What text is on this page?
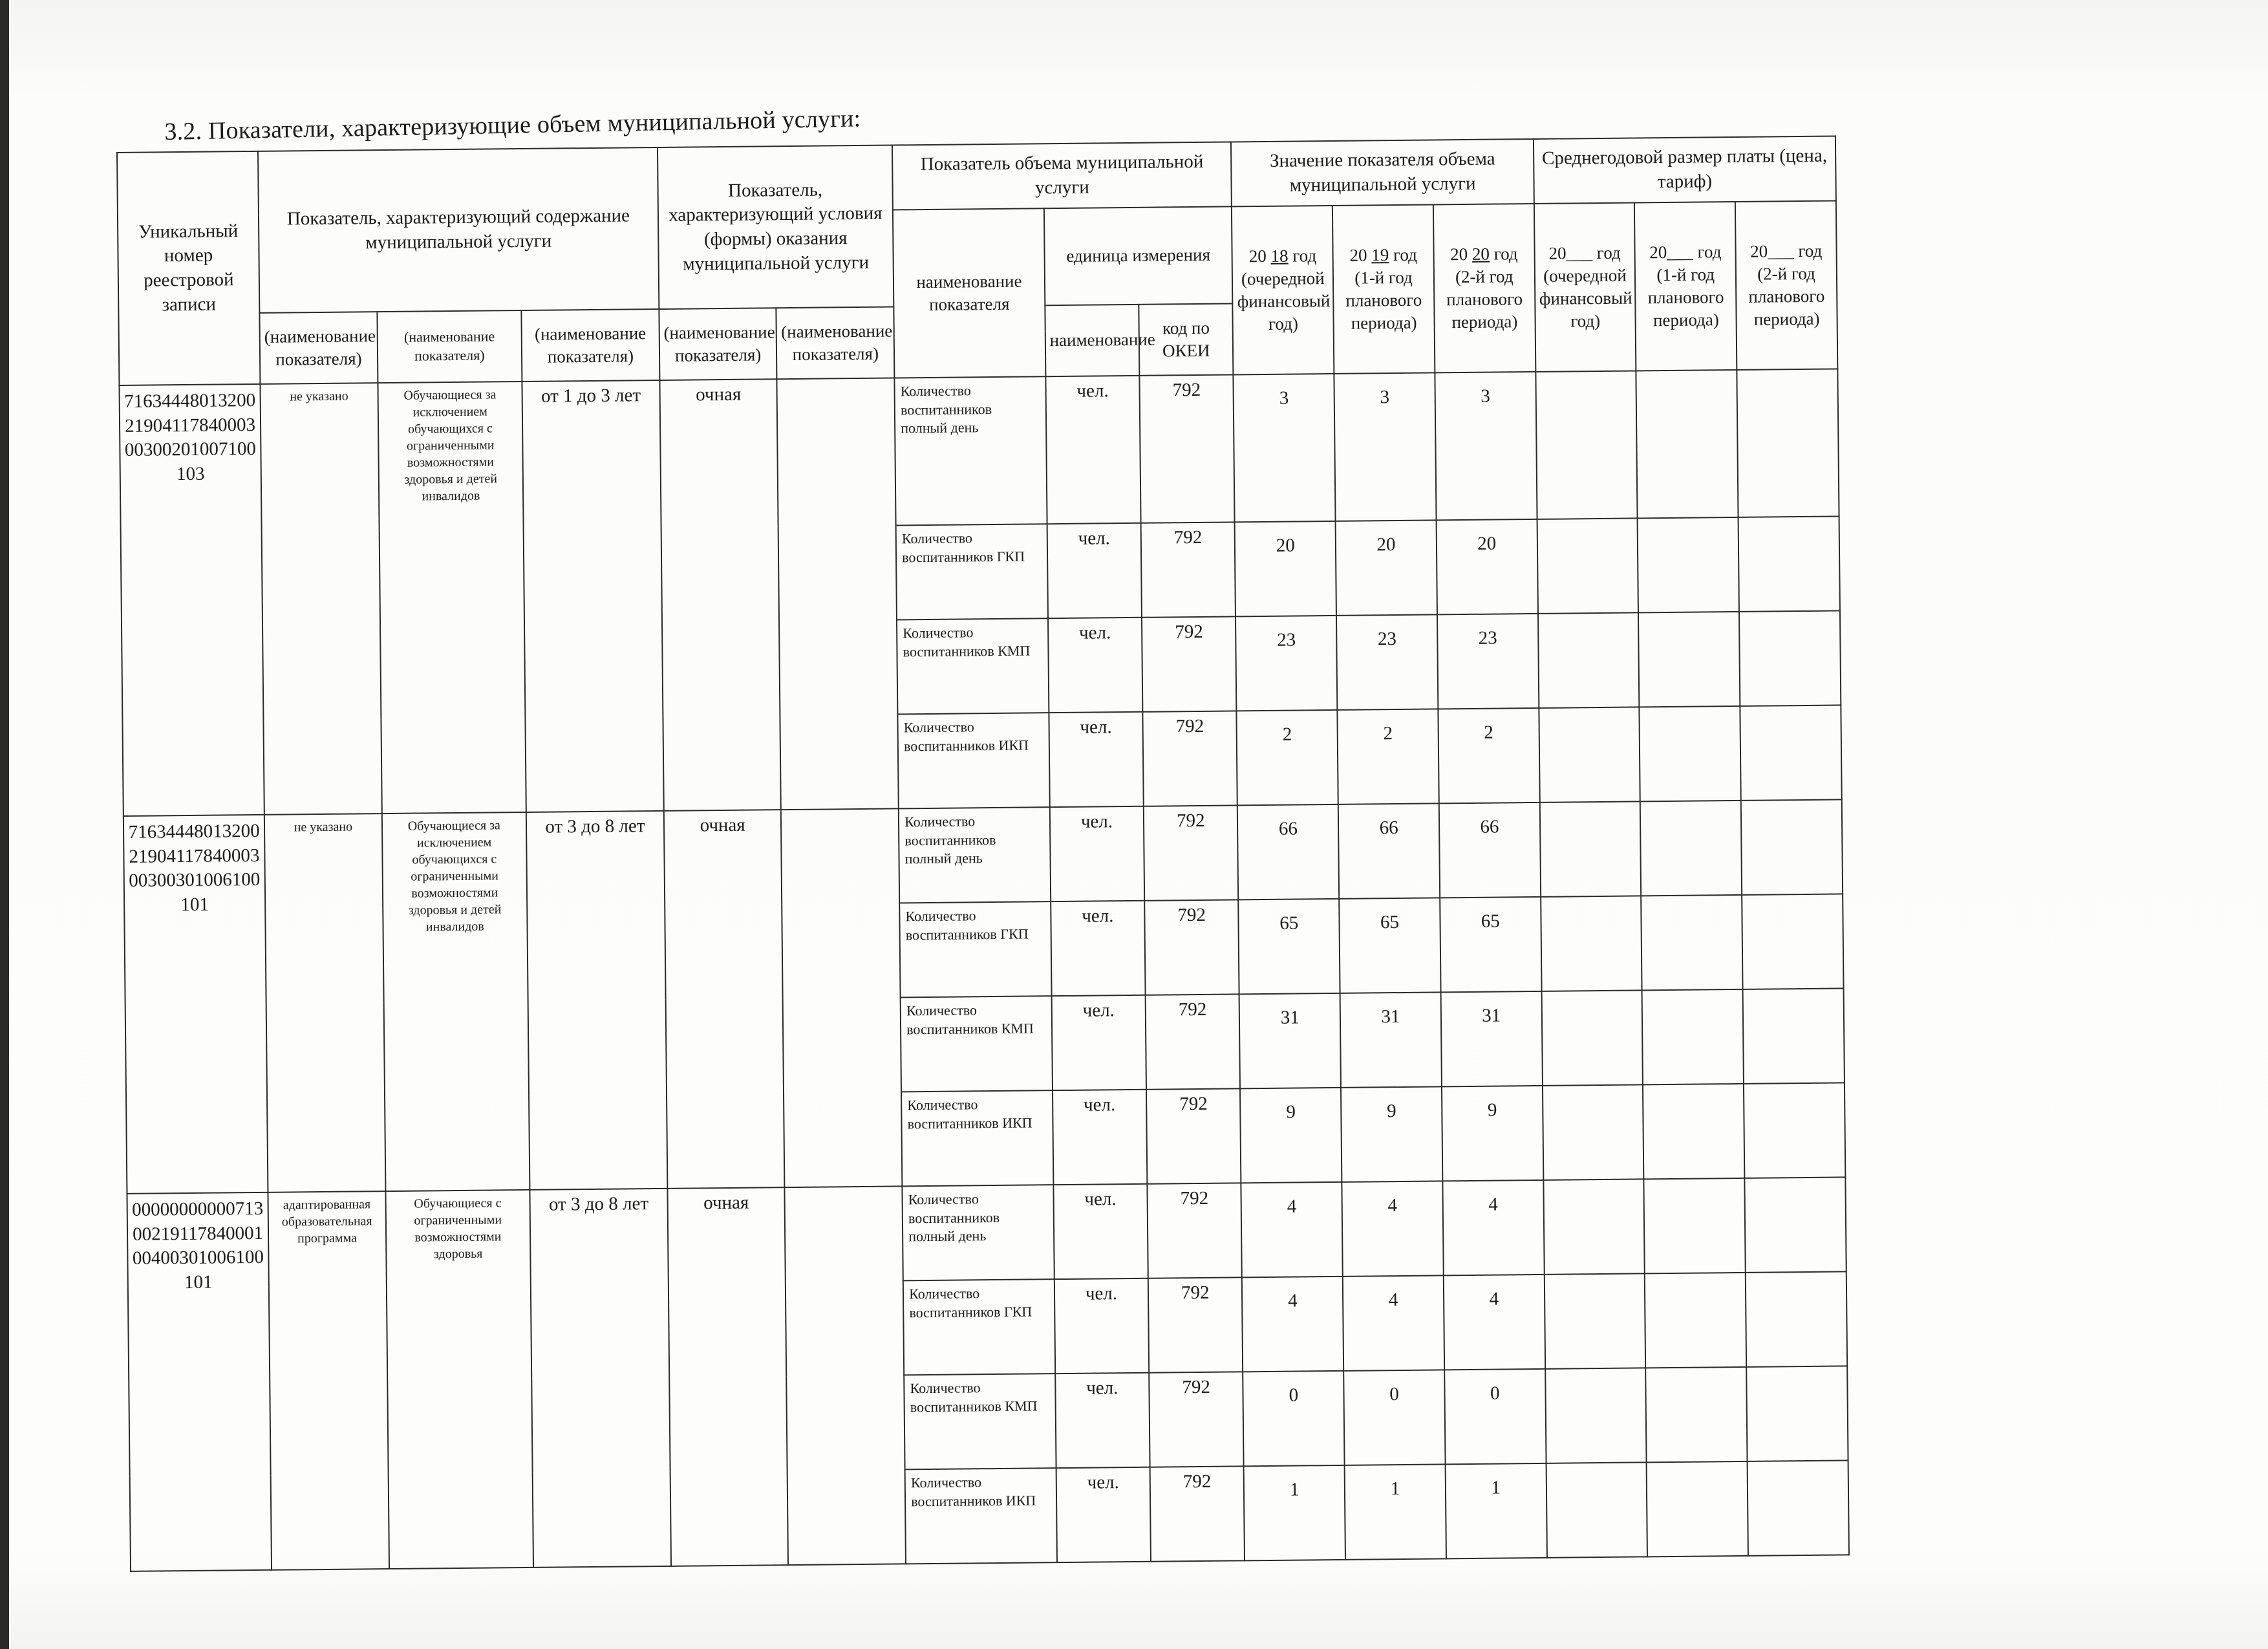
3.2. Показатели, характеризующие объем муниципальной услуги:
Уникальный номер реестровой записи	Показатель, характеризующий содержание муниципальной услуги			Показатель, характеризующий условия (формы) оказания муниципальной услуги		Показатель объема муниципальной услуги			Значение показателя объема муниципальной услуги			Среднегодовой размер платы (цена, тариф)		
						наименование показателя	единица измерения		20 18 год (очередной финансовый год)	20 19 год (1-й год планового периода)	20 20 год (2-й год планового периода)	20___ год (очередной финансовый год)	20___ год (1-й год планового периода)	20___ год (2-й год планового периода)
	(наименование показателя)	(наименование показателя)	(наименование показателя)	(наименование показателя)	(наименование показателя)		наименование	код по ОКЕИ						

716344480132002190411784000300300201007100103	не указано	Обучающиеся за исключением обучающихся с ограниченными возможностями здоровья и детей инвалидов	от 1 до 3 лет	очная		Количество воспитанников полный день	чел.	792	3	3	3			
						Количество воспитанников ГКП	чел.	792	20	20	20			
						Количество воспитанников КМП	чел.	792	23	23	23			
						Количество воспитанников ИКП	чел.	792	2	2	2			
716344480132002190411784000300300301006100101	не указано	Обучающиеся за исключением обучающихся с ограниченными возможностями здоровья и детей инвалидов	от 3 до 8 лет	очная		Количество воспитанников полный день	чел.	792	66	66	66			
						Количество воспитанников ГКП	чел.	792	65	65	65			
						Количество воспитанников КМП	чел.	792	31	31	31			
						Количество воспитанников ИКП	чел.	792	9	9	9			
000000000007130021911784000100400301006100101	адаптированная образовательная программа	Обучающиеся с ограниченными возможностями здоровья	от 3 до 8 лет	очная		Количество воспитанников полный день	чел.	792	4	4	4			
						Количество воспитанников ГКП	чел.	792	4	4	4			
						Количество воспитанников КМП	чел.	792	0	0	0			
						Количество воспитанников ИКП	чел.	792	1	1	1			
